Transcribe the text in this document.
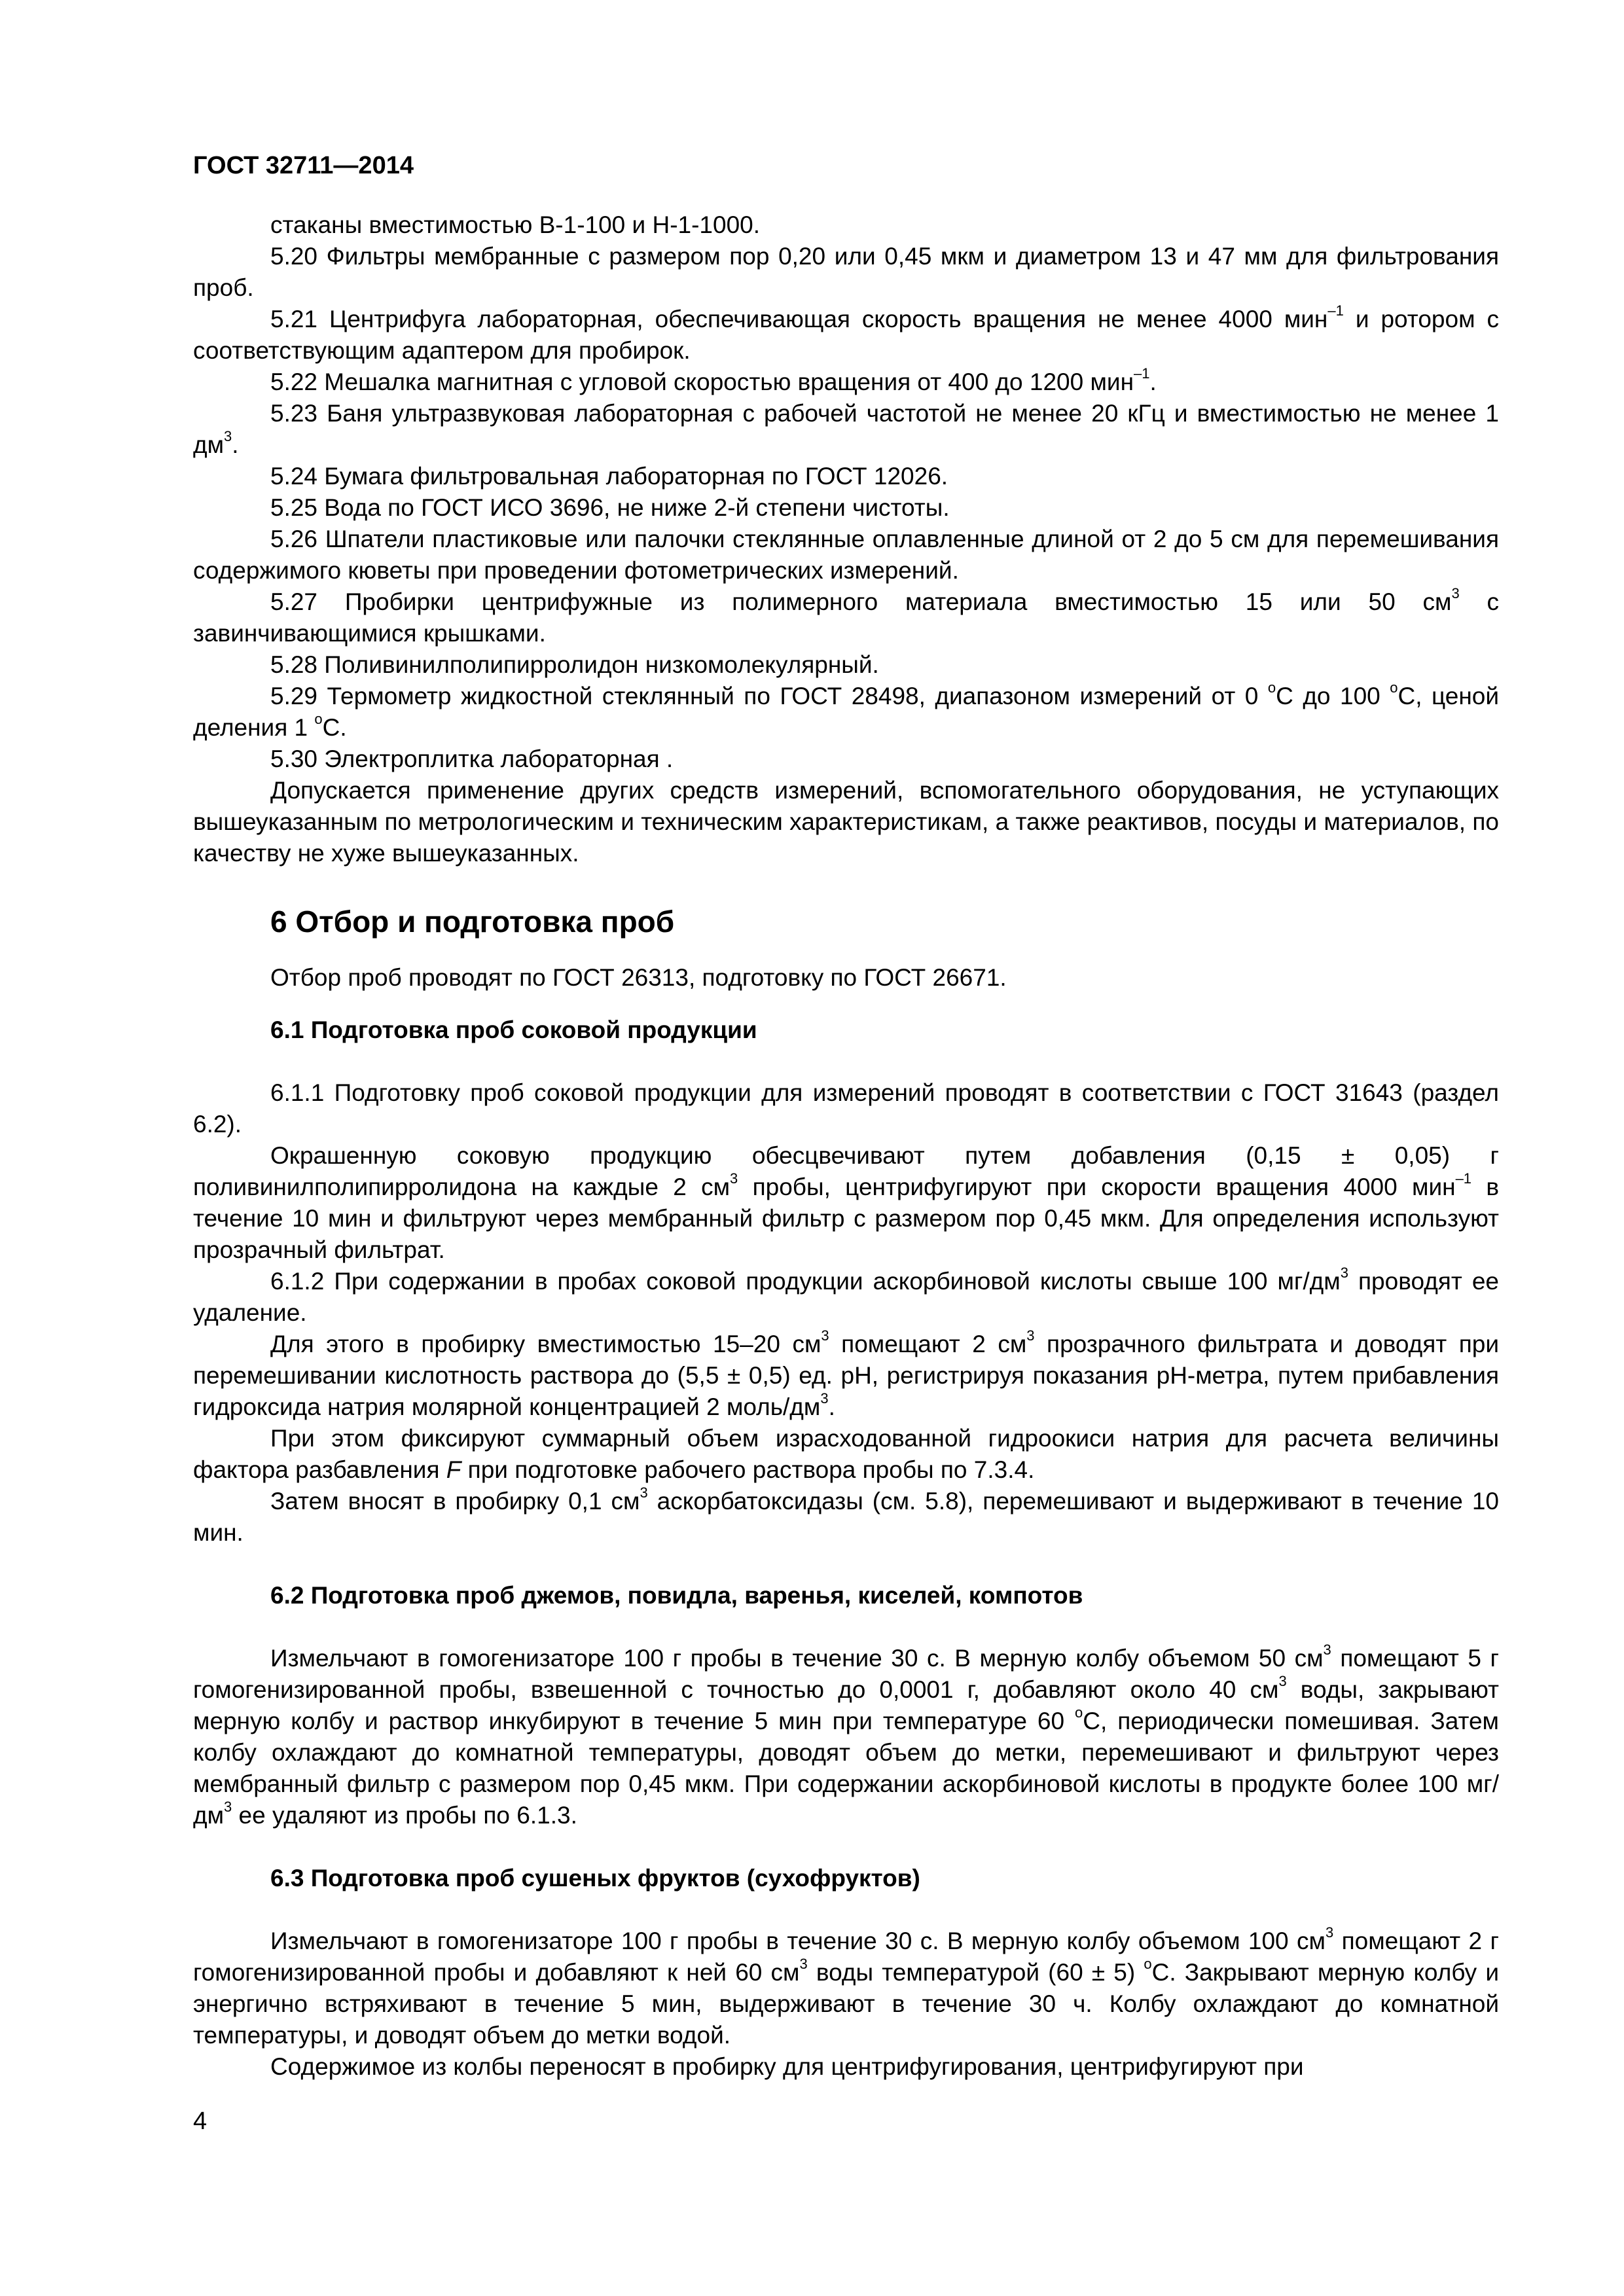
ГОСТ 32711—2014

стаканы вместимостью В-1-100 и Н-1-1000.

5.20 Фильтры мембранные с размером пор 0,20 или 0,45 мкм и диаметром 13 и 47 мм для фильтрования проб.

5.21 Центрифуга лабораторная, обеспечивающая скорость вращения не менее 4000 мин$^{-1}$ и ротором с соответствующим адаптером для пробирок.

5.22 Мешалка магнитная с угловой скоростью вращения от 400 до 1200 мин$^{-1}$.

5.23 Баня ультразвуковая лабораторная с рабочей частотой не менее 20 кГц и вместимостью не менее 1 $дм^3$.

5.24 Бумага фильтровальная лабораторная по ГОСТ 12026.

5.25 Вода по ГОСТ ИСО 3696, не ниже 2-й степени чистоты.

5.26 Шпатели пластиковые или палочки стеклянные оплавленные длиной от 2 до 5 см для перемешивания содержимого кюветы при проведении фотометрических измерений.

5.27 Пробирки центрифужные из полимерного материала вместимостью 15 или 50 $см^3$ с завинчивающимися крышками.

5.28 Поливинилполипирролидон низкомолекулярный.

5.29 Термометр жидкостной стеклянный по ГОСТ 28498, диапазоном измерений от 0 $^o$С до 100 $^o$С, ценой деления 1 $^o$С.

5.30 Электроплитка лабораторная .

Допускается применение других средств измерений, вспомогательного оборудования, не уступающих вышеуказанным по метрологическим и техническим характеристикам, а также реактивов, посуды и материалов, по качеству не хуже вышеуказанных.

6 Отбор и подготовка проб

Отбор проб проводят по ГОСТ 26313, подготовку по ГОСТ 26671.

6.1 Подготовка проб соковой продукции

6.1.1 Подготовку проб соковой продукции для измерений проводят в соответствии с ГОСТ 31643 (раздел 6.2).

Окрашенную соковую продукцию обесцвечивают путем добавления (0,15 ± 0,05) г поливинилполипирролидона на каждые 2 $см^3$ пробы, центрифугируют при скорости вращения 4000 мин$^{-1}$ в течение 10 мин и фильтруют через мембранный фильтр с размером пор 0,45 мкм. Для определения используют прозрачный фильтрат.

6.1.2 При содержании в пробах соковой продукции аскорбиновой кислоты свыше 100 $мг/дм^3$ проводят ее удаление.

Для этого в пробирку вместимостью 15–20 $см^3$ помещают 2 $см^3$ прозрачного фильтрата и доводят при перемешивании кислотность раствора до (5,5 ± 0,5) ед. pH, регистрируя показания pH-метра, путем прибавления гидроксида натрия молярной концентрацией 2 моль/$дм^3$.

При этом фиксируют суммарный объем израсходованной гидроокиси натрия для расчета величины фактора разбавления F при подготовке рабочего раствора пробы по 7.3.4.

Затем вносят в пробирку 0,1 $см^3$ аскорбатоксидазы (см. 5.8), перемешивают и выдерживают в течение 10 мин.

6.2 Подготовка проб джемов, повидла, варенья, киселей, компотов

Измельчают в гомогенизаторе 100 г пробы в течение 30 с. В мерную колбу объемом 50 $см^3$ помещают 5 г гомогенизированной пробы, взвешенной с точностью до 0,0001 г, добавляют около 40 $см^3$ воды, закрывают мерную колбу и раствор инкубируют в течение 5 мин при температуре 60 $^o$С, периодически помешивая. Затем колбу охлаждают до комнатной температуры, доводят объем до метки, перемешивают и фильтруют через мембранный фильтр с размером пор 0,45 мкм. При содержании аскорбиновой кислоты в продукте более 100 $мг/дм^3$ ее удаляют из пробы по 6.1.3.

6.3 Подготовка проб сушеных фруктов (сухофруктов)

Измельчают в гомогенизаторе 100 г пробы в течение 30 с. В мерную колбу объемом 100 $см^3$ помещают 2 г гомогенизированной пробы и добавляют к ней 60 $см^3$ воды температурой (60 ± 5) $^o$С. Закрывают мерную колбу и энергично встряхивают в течение 5 мин, выдерживают в течение 30 ч. Колбу охлаждают до комнатной температуры, и доводят объем до метки водой.

Содержимое из колбы переносят в пробирку для центрифугирования, центрифугируют при

4
